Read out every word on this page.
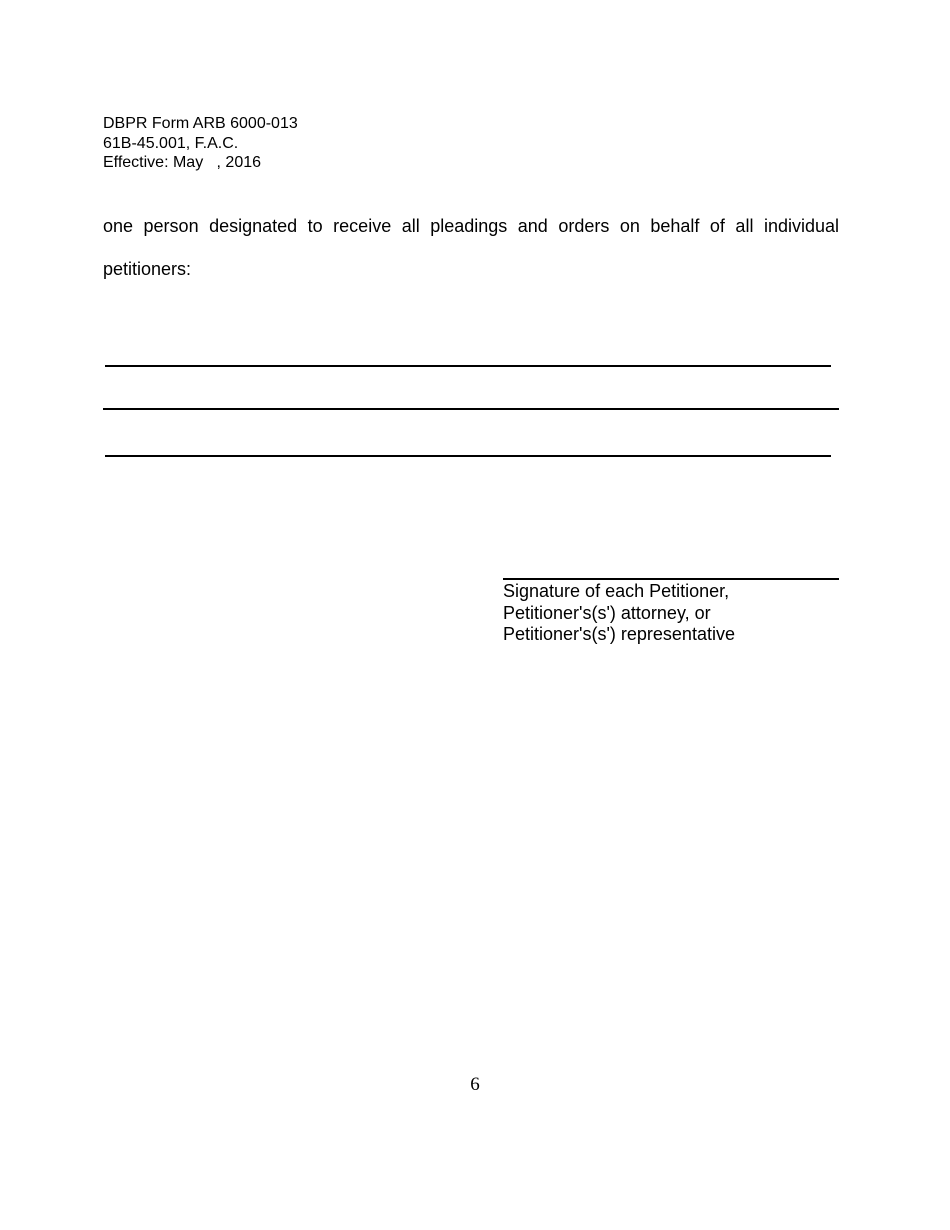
DBPR Form ARB 6000-013
61B-45.001, F.A.C.
Effective: May   , 2016
one person designated to receive all pleadings and orders on behalf of all individual
petitioners:
Signature of each Petitioner,
Petitioner's(s') attorney, or
Petitioner's(s') representative
6
